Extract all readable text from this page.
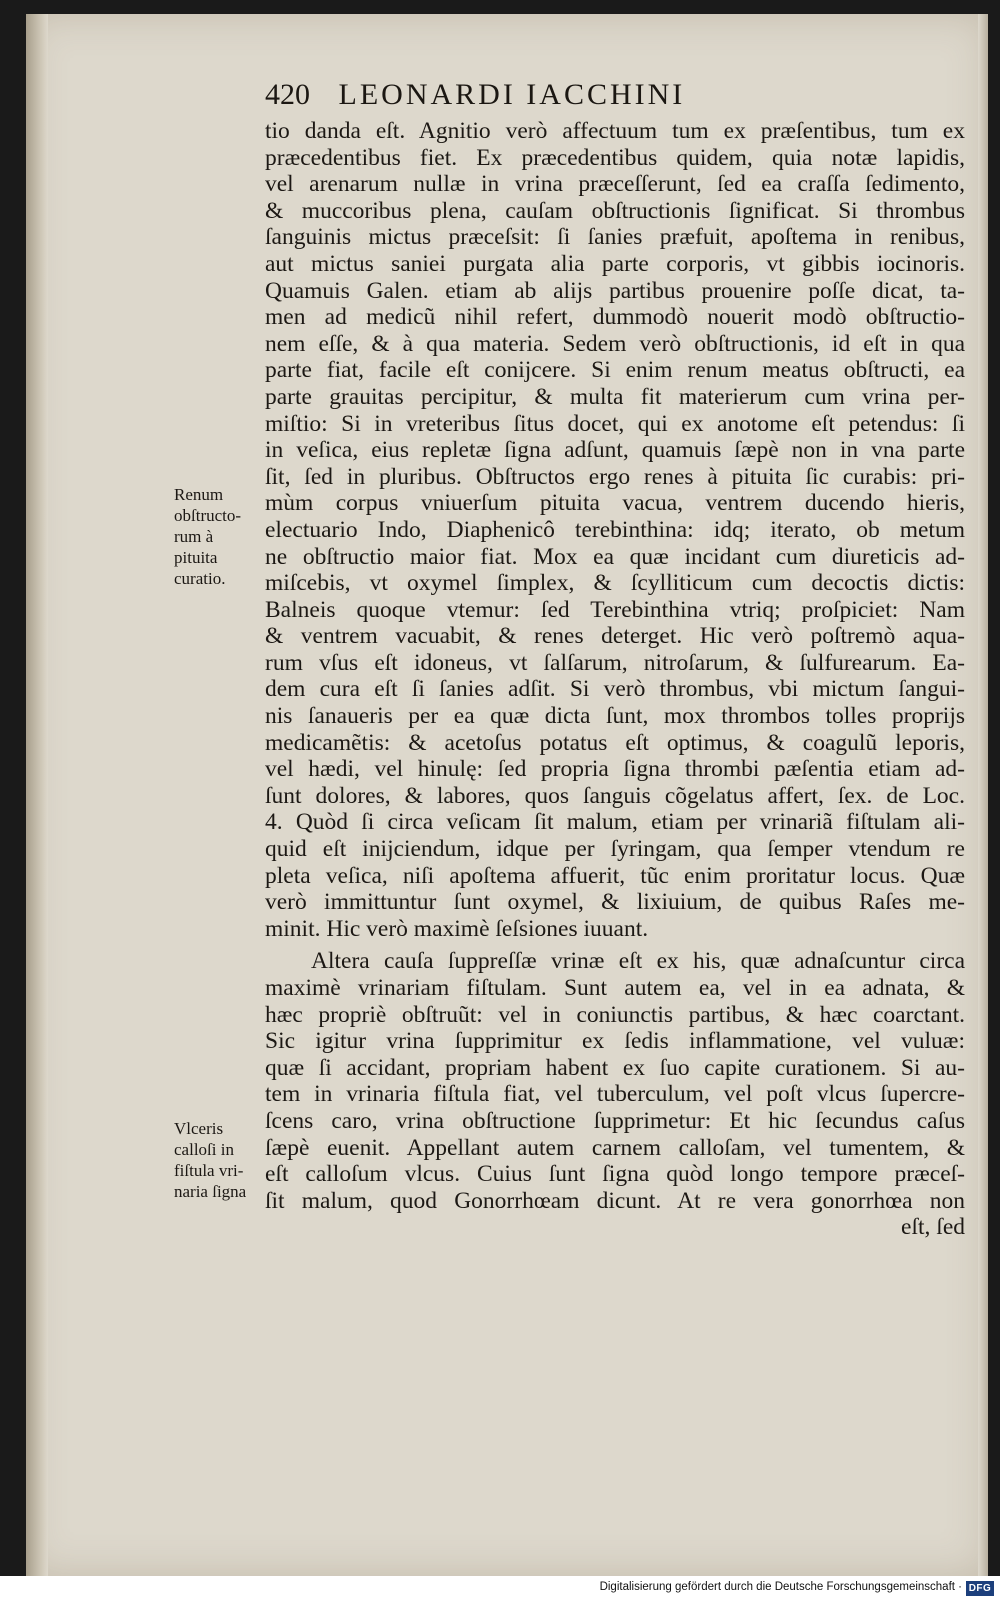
420 LEONARDI IACCHINI
tio danda eſt. Agnitio verò affectuum tum ex præſentibus, tum ex
præcedentibus fiet. Ex præcedentibus quidem, quia notæ lapidis,
vel arenarum nullæ in vrina præceſſerunt, ſed ea craſſa ſedimento,
& muccoribus plena, cauſam obſtructionis ſignificat. Si thrombus
ſanguinis mictus præceſsit: ſi ſanies præfuit, apoſtema in renibus,
aut mictus saniei purgata alia parte corporis, vt gibbis iocinoris.
Quamuis Galen. etiam ab alijs partibus prouenire poſſe dicat, ta-
men ad medicũ nihil refert, dummodò nouerit modò obſtructio-
nem eſſe, & à qua materia. Sedem verò obſtructionis, id eſt in qua
parte fiat, facile eſt conijcere. Si enim renum meatus obſtructi, ea
parte grauitas percipitur, & multa fit materierum cum vrina per-
miſtio: Si in vreteribus ſitus docet, qui ex anotome eſt petendus: ſi
in veſica, eius repletæ ſigna adſunt, quamuis ſæpè non in vna parte
ſit, ſed in pluribus. Obſtructos ergo renes à pituita ſic curabis: pri-
mùm corpus vniuerſum pituita vacua, ventrem ducendo hieris,
electuario Indo, Diaphenicô terebinthina: idq; iterato, ob metum
ne obſtructio maior fiat. Mox ea quæ incidant cum diureticis ad-
miſcebis, vt oxymel ſimplex, & ſcylliticum cum decoctis dictis:
Balneis quoque vtemur: ſed Terebinthina vtriq; proſpiciet: Nam
& ventrem vacuabit, & renes deterget. Hic verò poſtremò aqua-
rum vſus eſt idoneus, vt ſalſarum, nitroſarum, & ſulfurearum. Ea-
dem cura eſt ſi ſanies adſit. Si verò thrombus, vbi mictum ſangui-
nis ſanaueris per ea quæ dicta ſunt, mox thrombos tolles proprijs
medicamẽtis: & acetoſus potatus eſt optimus, & coagulũ leporis,
vel hædi, vel hinulę: ſed propria ſigna thrombi pæſentia etiam ad-
ſunt dolores, & labores, quos ſanguis cõgelatus affert, ſex. de Loc.
4. Quòd ſi circa veſicam ſit malum, etiam per vrinariã fiſtulam ali-
quid eſt inijciendum, idque per ſyringam, qua ſemper vtendum re
pleta veſica, niſi apoſtema affuerit, tũc enim proritatur locus. Quæ
verò immittuntur ſunt oxymel, & lixiuium, de quibus Raſes me-
minit. Hic verò maximè ſeſsiones iuuant.
Altera cauſa ſuppreſſæ vrinæ eſt ex his, quæ adnaſcuntur circa
maximè vrinariam fiſtulam. Sunt autem ea, vel in ea adnata, &
hæc propriè obſtruũt: vel in coniunctis partibus, & hæc coarctant.
Sic igitur vrina ſupprimitur ex ſedis inflammatione, vel vuluæ:
quæ ſi accidant, propriam habent ex ſuo capite curationem. Si au-
tem in vrinaria fiſtula fiat, vel tuberculum, vel poſt vlcus ſupercre-
ſcens caro, vrina obſtructione ſupprimetur: Et hic ſecundus caſus
ſæpè euenit. Appellant autem carnem calloſam, vel tumentem, &
eſt calloſum vlcus. Cuius ſunt ſigna quòd longo tempore præceſ-
ſit malum, quod Gonorrhœam dicunt. At re vera gonorrhœa non
eſt, ſed
Renum
obſtructo-
rum à
pituita
curatio.
Vlceris
calloſi in
fiſtula vri-
naria ſigna
Digitalisierung gefördert durch die Deutsche Forschungsgemeinschaft · DFG
